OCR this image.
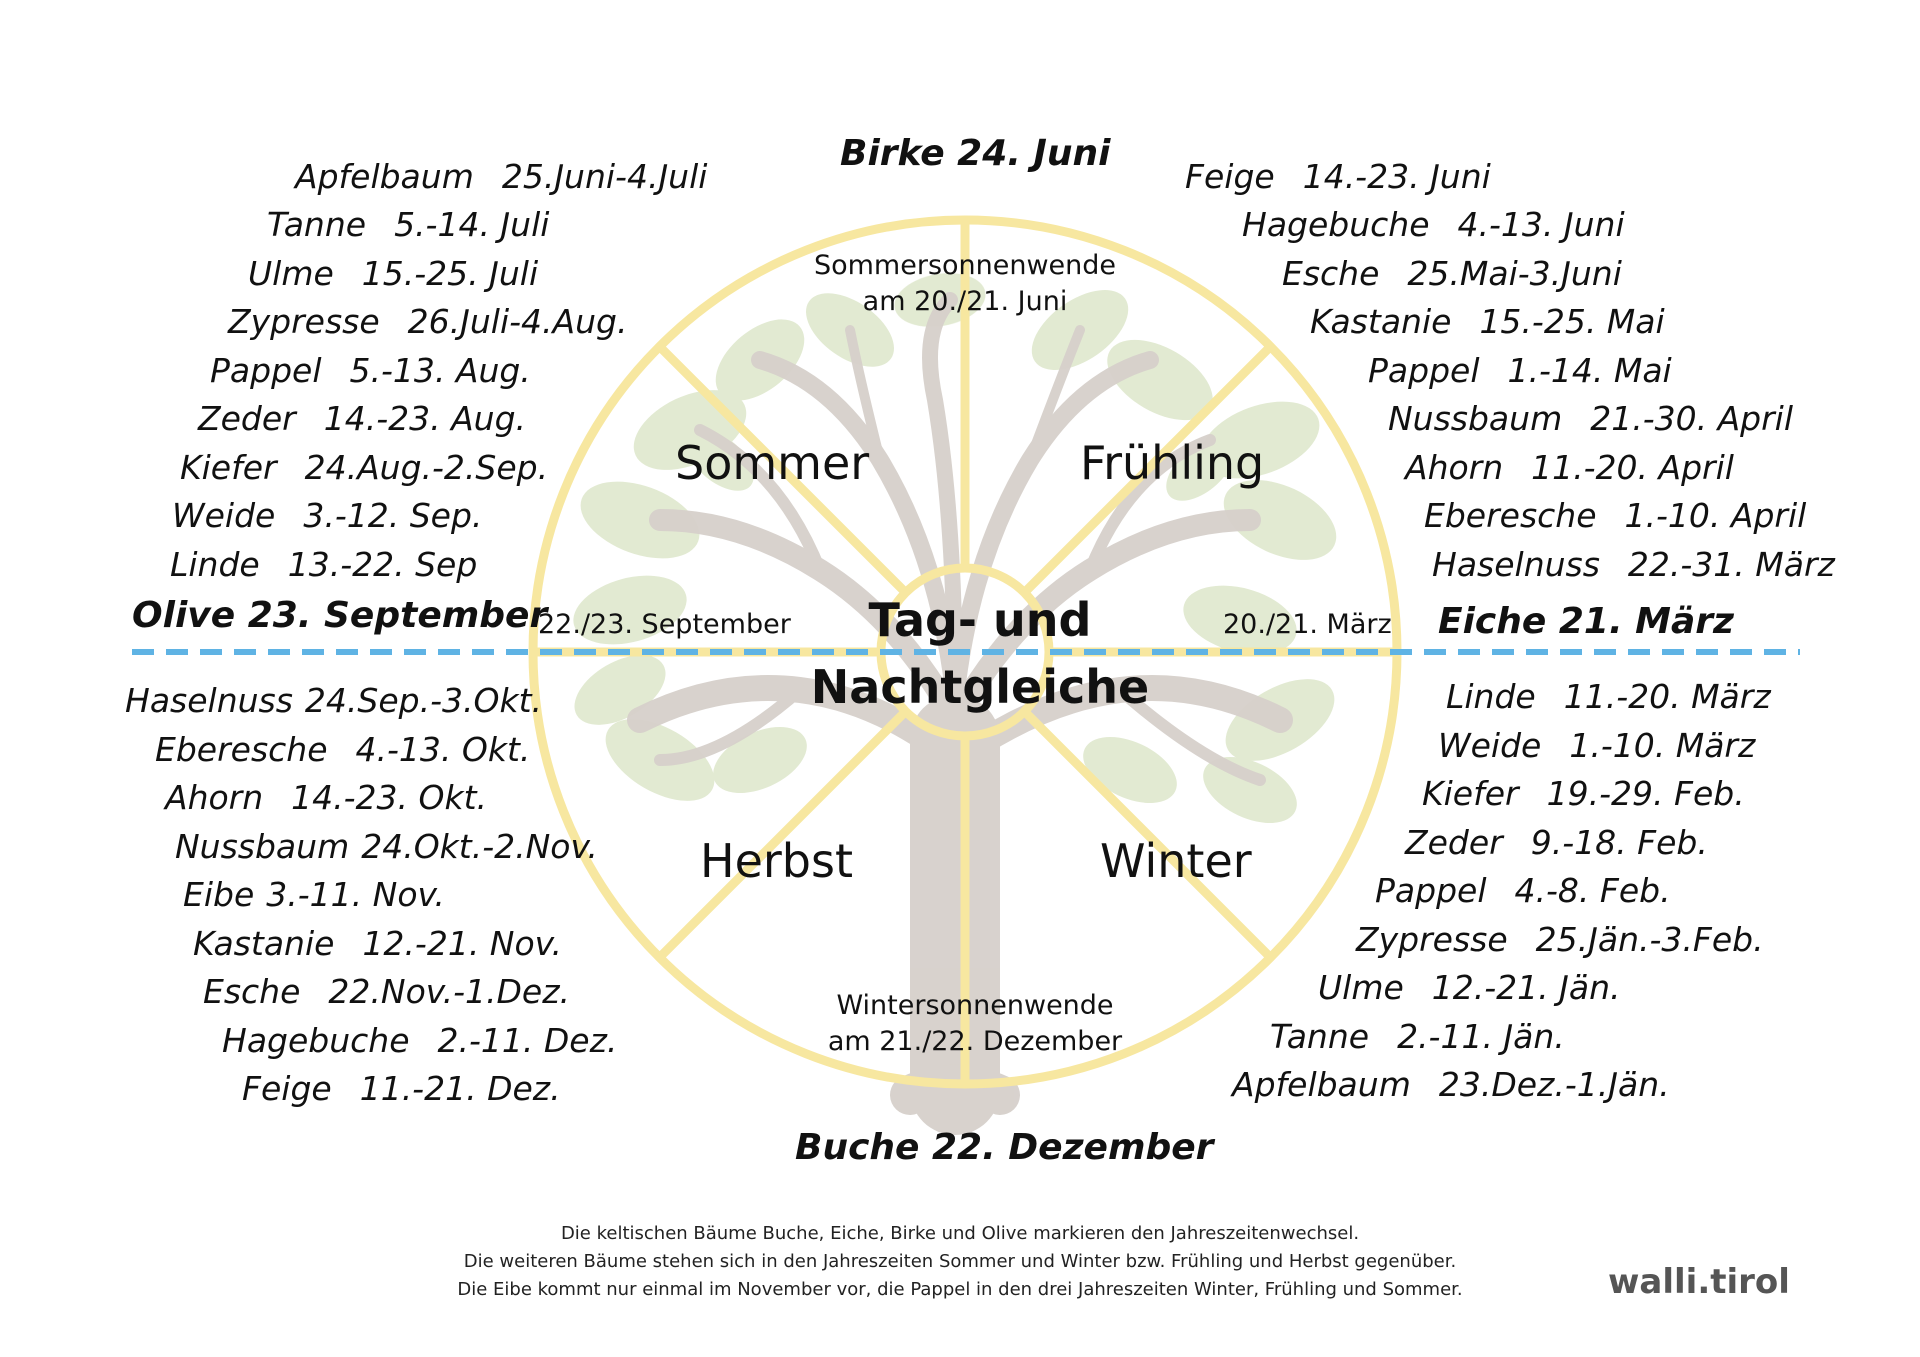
Birke 24. Juni
Olive 23. September	Eiche 21. März
Buche 22. Dezember
Sommer	Frühling
Herbst	Winter
Sommersonnenwende
am 20./21. Juni
Wintersonnenwende
am 21./22. Dezember
22./23. September	20./21. März
Tag- und
Nachtgleiche
Apfelbaum 25.Juni-4.Juli
Tanne 5.-14. Juli
Ulme 15.-25. Juli
Zypresse 26.Juli-4.Aug.
Pappel 5.-13. Aug.
Zeder 14.-23. Aug.
Kiefer 24.Aug.-2.Sep.
Weide 3.-12. Sep.
Linde 13.-22. Sep
Feige 14.-23. Juni
Hagebuche 4.-13. Juni
Esche 25.Mai-3.Juni
Kastanie 15.-25. Mai
Pappel 1.-14. Mai
Nussbaum 21.-30. April
Ahorn 11.-20. April
Eberesche 1.-10. April
Haselnuss 22.-31. März
Haselnuss 24.Sep.-3.Okt.
Eberesche 4.-13. Okt.
Ahorn 14.-23. Okt.
Nussbaum 24.Okt.-2.Nov.
Eibe 3.-11. Nov.
Kastanie 12.-21. Nov.
Esche 22.Nov.-1.Dez.
Hagebuche 2.-11. Dez.
Feige 11.-21. Dez.
Linde 11.-20. März
Weide 1.-10. März
Kiefer 19.-29. Feb.
Zeder 9.-18. Feb.
Pappel 4.-8. Feb.
Zypresse 25.Jän.-3.Feb.
Ulme 12.-21. Jän.
Tanne 2.-11. Jän.
Apfelbaum 23.Dez.-1.Jän.
Die keltischen Bäume Buche, Eiche, Birke und Olive markieren den Jahreszeitenwechsel.
Die weiteren Bäume stehen sich in den Jahreszeiten Sommer und Winter bzw. Frühling und Herbst gegenüber.
Die Eibe kommt nur einmal im November vor, die Pappel in den drei Jahreszeiten Winter, Frühling und Sommer.	walli.tirol
